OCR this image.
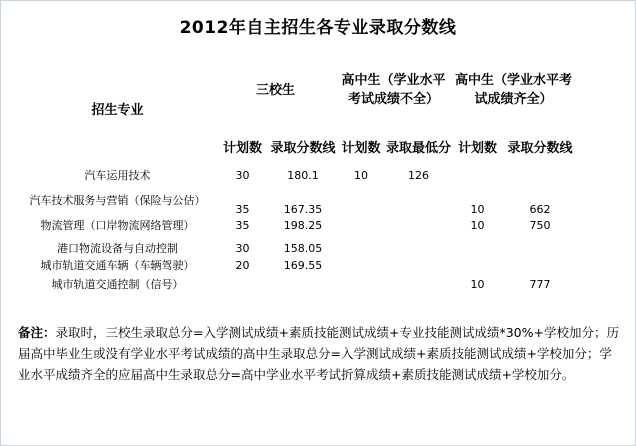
2012年自主招生各专业录取分数线
招生专业	三校生		高中生（学业水平考试成绩不全）		高中生（学业水平考试成绩齐全）	
	计划数	录取分数线	计划数	录取最低分	计划数	录取分数线
汽车运用技术	30	180.1	10	126		
汽车技术服务与营销（保险与公估）	35	167.35			10	662
物流管理（口岸物流网络管理）	35	198.25			10	750

港口物流设备与自动控制	30	158.05				
城市轨道交通车辆（车辆驾驶）	20	169.55				
城市轨道交通控制（信号）					10	777
备注：录取时，三校生录取总分=入学测试成绩+素质技能测试成绩+专业技能测试成绩*30%+学校加分；历届高中毕业生或没有学业水平考试成绩的高中生录取总分=入学测试成绩+素质技能测试成绩+学校加分；学业水平成绩齐全的应届高中生录取总分=高中学业水平考试折算成绩+素质技能测试成绩+学校加分。
